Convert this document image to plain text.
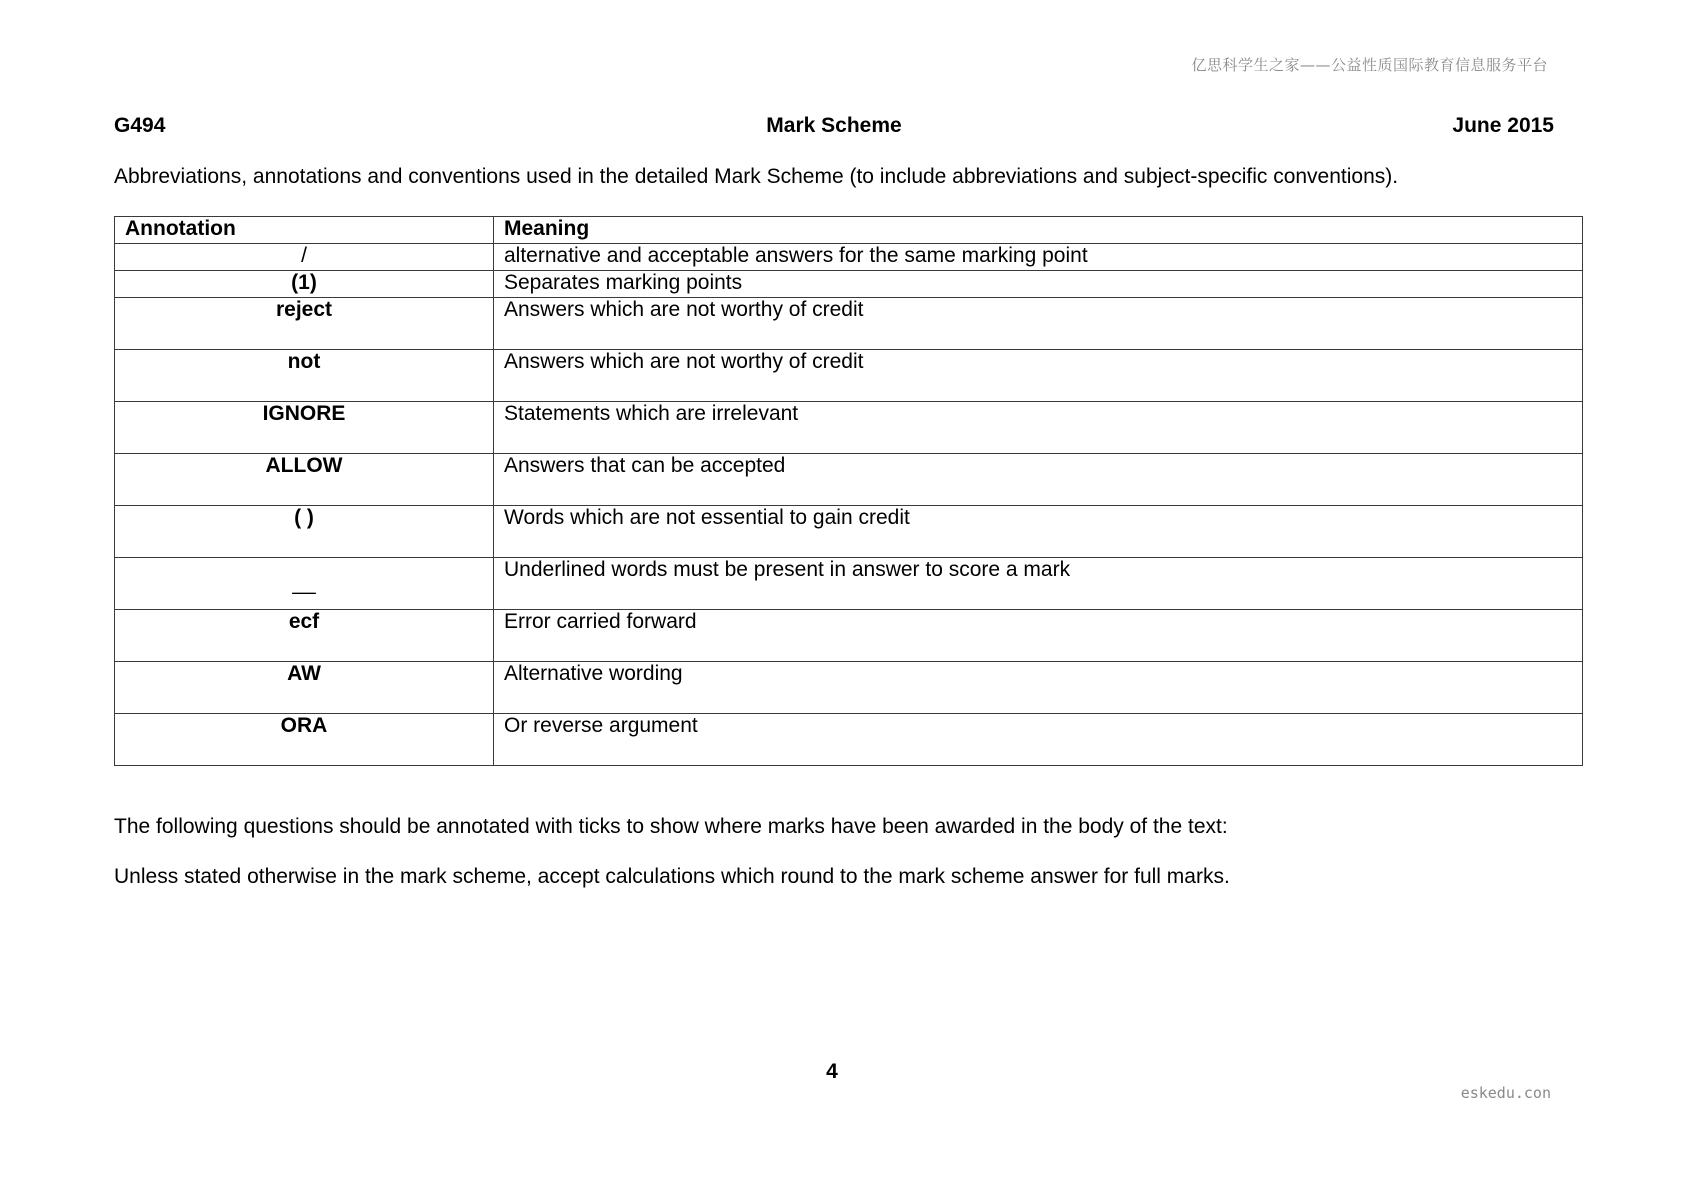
亿思科学生之家——公益性质国际教育信息服务平台
G494	Mark Scheme	June 2015
Abbreviations, annotations and conventions used in the detailed Mark Scheme (to include abbreviations and subject-specific conventions).
Annotation	Meaning
/	alternative and acceptable answers for the same marking point
(1)	Separates marking points
reject	Answers which are not worthy of credit
not	Answers which are not worthy of credit
IGNORE	Statements which are irrelevant
ALLOW	Answers that can be accepted
( )	Words which are not essential to gain credit
__	Underlined words must be present in answer to score a mark
ecf	Error carried forward
AW	Alternative wording
ORA	Or reverse argument
The following questions should be annotated with ticks to show where marks have been awarded in the body of the text:
Unless stated otherwise in the mark scheme, accept calculations which round to the mark scheme answer for full marks.
4
eskedu.con
